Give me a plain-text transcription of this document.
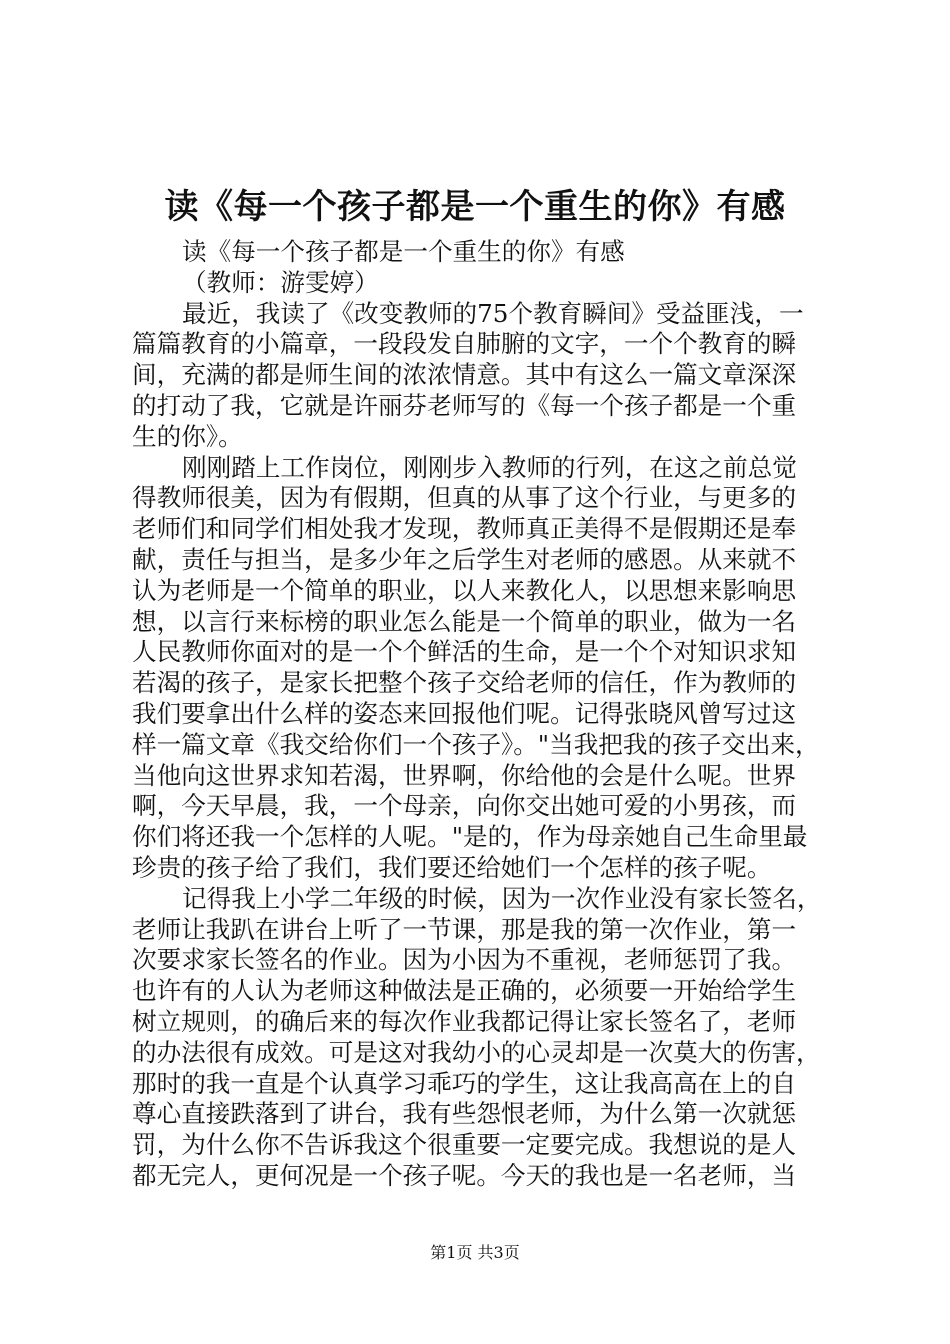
读《每一个孩子都是一个重生的你》有感
读《每一个孩子都是一个重生的你》有感
（教师：游雯婷）
最近，我读了《改变教师的75个教育瞬间》受益匪浅，一
篇篇教育的小篇章，一段段发自肺腑的文字，一个个教育的瞬
间，充满的都是师生间的浓浓情意。其中有这么一篇文章深深
的打动了我，它就是许丽芬老师写的《每一个孩子都是一个重
生的你》。
刚刚踏上工作岗位，刚刚步入教师的行列，在这之前总觉
得教师很美，因为有假期，但真的从事了这个行业，与更多的
老师们和同学们相处我才发现，教师真正美得不是假期还是奉
献，责任与担当，是多少年之后学生对老师的感恩。从来就不
认为老师是一个简单的职业，以人来教化人，以思想来影响思
想，以言行来标榜的职业怎么能是一个简单的职业，做为一名
人民教师你面对的是一个个鲜活的生命，是一个个对知识求知
若渴的孩子，是家长把整个孩子交给老师的信任，作为教师的
我们要拿出什么样的姿态来回报他们呢。记得张晓风曾写过这
样一篇文章《我交给你们一个孩子》。"当我把我的孩子交出来，
当他向这世界求知若渴，世界啊，你给他的会是什么呢。世界
啊，今天早晨，我，一个母亲，向你交出她可爱的小男孩，而
你们将还我一个怎样的人呢。"是的，作为母亲她自己生命里最
珍贵的孩子给了我们，我们要还给她们一个怎样的孩子呢。
记得我上小学二年级的时候，因为一次作业没有家长签名，
老师让我趴在讲台上听了一节课，那是我的第一次作业，第一
次要求家长签名的作业。因为小因为不重视，老师惩罚了我。
也许有的人认为老师这种做法是正确的，必须要一开始给学生
树立规则，的确后来的每次作业我都记得让家长签名了，老师
的办法很有成效。可是这对我幼小的心灵却是一次莫大的伤害，
那时的我一直是个认真学习乖巧的学生，这让我高高在上的自
尊心直接跌落到了讲台，我有些怨恨老师，为什么第一次就惩
罚，为什么你不告诉我这个很重要一定要完成。我想说的是人
都无完人，更何况是一个孩子呢。今天的我也是一名老师，当
第1页 共3页
